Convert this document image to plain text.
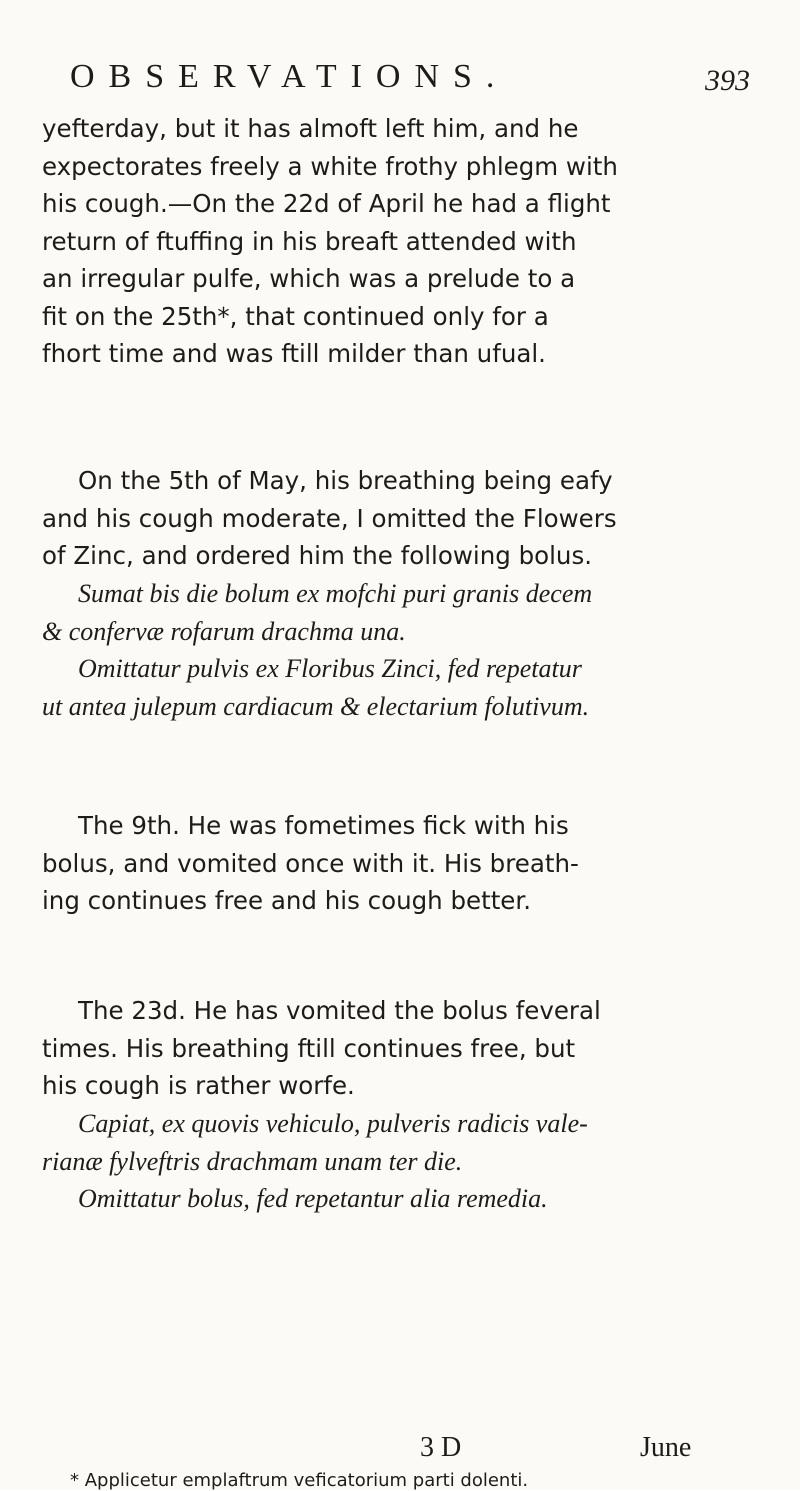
OBSERVATIONS.	393
yefterday, but it has almoft left him, and he
expectorates freely a white frothy phlegm with
his cough.—On the 22d of April he had a flight
return of ftuffing in his breaft attended with
an irregular pulfe, which was a prelude to a
fit on the 25th*, that continued only for a
fhort time and was ftill milder than ufual.
On the 5th of May, his breathing being eafy
and his cough moderate, I omitted the Flowers
of Zinc, and ordered him the following bolus.
Sumat bis die bolum ex mofchi puri granis decem
& confervæ rofarum drachma una.
Omittatur pulvis ex Floribus Zinci, fed repetatur
ut antea julepum cardiacum & electarium folutivum.
The 9th. He was fometimes fick with his
bolus, and vomited once with it. His breath-
ing continues free and his cough better.
The 23d. He has vomited the bolus feveral
times. His breathing ftill continues free, but
his cough is rather worfe.
Capiat, ex quovis vehiculo, pulveris radicis vale-
rianæ fylveftris drachmam unam ter die.
Omittatur bolus, fed repetantur alia remedia.
3 D	June
* Applicetur emplaftrum veficatorium parti dolenti.
